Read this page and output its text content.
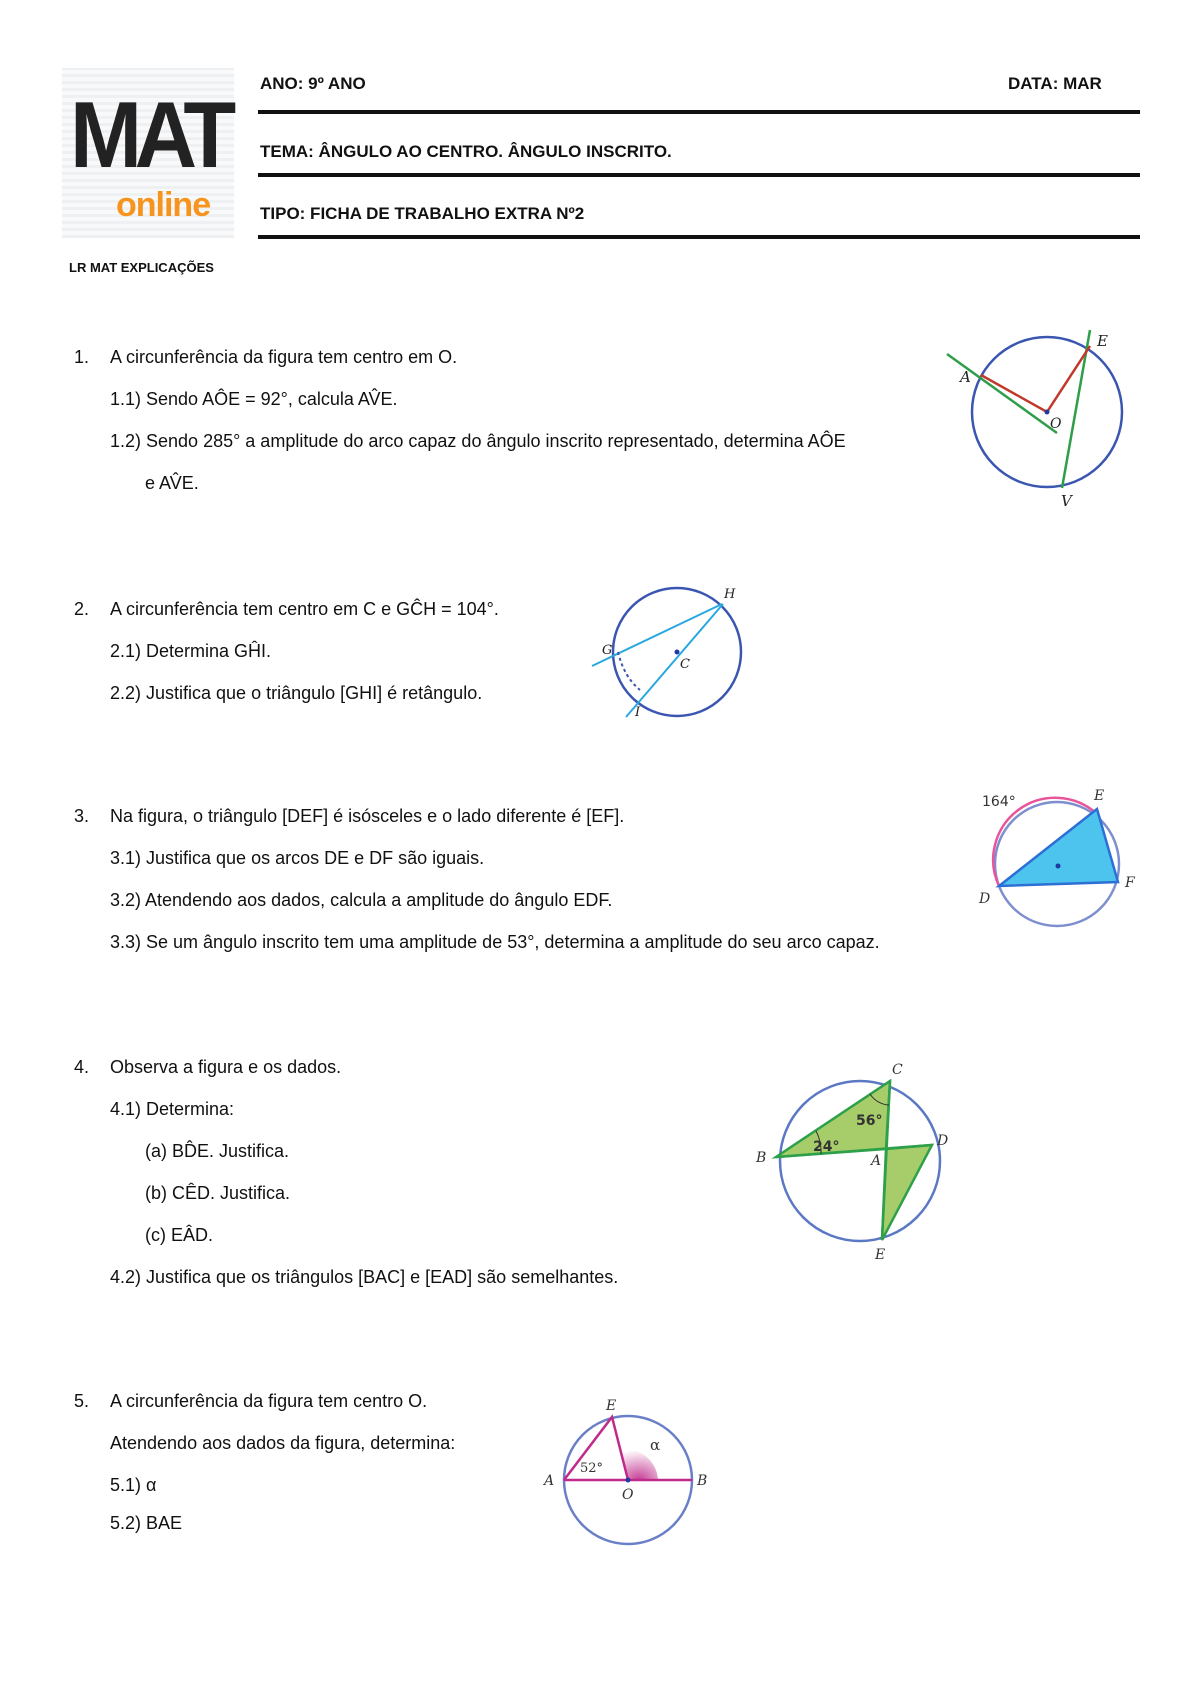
MAT
online
LR MAT EXPLICAÇÕES
ANO: 9º ANO	DATA: MAR
TEMA: ÂNGULO AO CENTRO. ÂNGULO INSCRITO.
TIPO: FICHA DE TRABALHO EXTRA Nº2
1. A circunferência da figura tem centro em O.
1.1) Sendo AÔE = 92°, calcula AV̂E.
1.2) Sendo 285° a amplitude do arco capaz do ângulo inscrito representado, determina AÔE
e AV̂E.
A
E
O
V
2. A circunferência tem centro em C e GĈH = 104°.
2.1) Determina GĤI.
2.2) Justifica que o triângulo [GHI] é retângulo.
H
G
C
I
3. Na figura, o triângulo [DEF] é isósceles e o lado diferente é [EF].
3.1) Justifica que os arcos DE e DF são iguais.
3.2) Atendendo aos dados, calcula a amplitude do ângulo EDF.
3.3) Se um ângulo inscrito tem uma amplitude de 53°, determina a amplitude do seu arco capaz.
164°	E
D
F
4. Observa a figura e os dados.
4.1) Determina:
(a) BD̂E. Justifica.
(b) CÊD. Justifica.
(c) EÂD.
4.2) Justifica que os triângulos [BAC] e [EAD] são semelhantes.
C
D
B	A
E
56°
24°
5. A circunferência da figura tem centro O.
Atendendo aos dados da figura, determina:
5.1) α
5.2) BAE
E
A
O
B
52°
α
